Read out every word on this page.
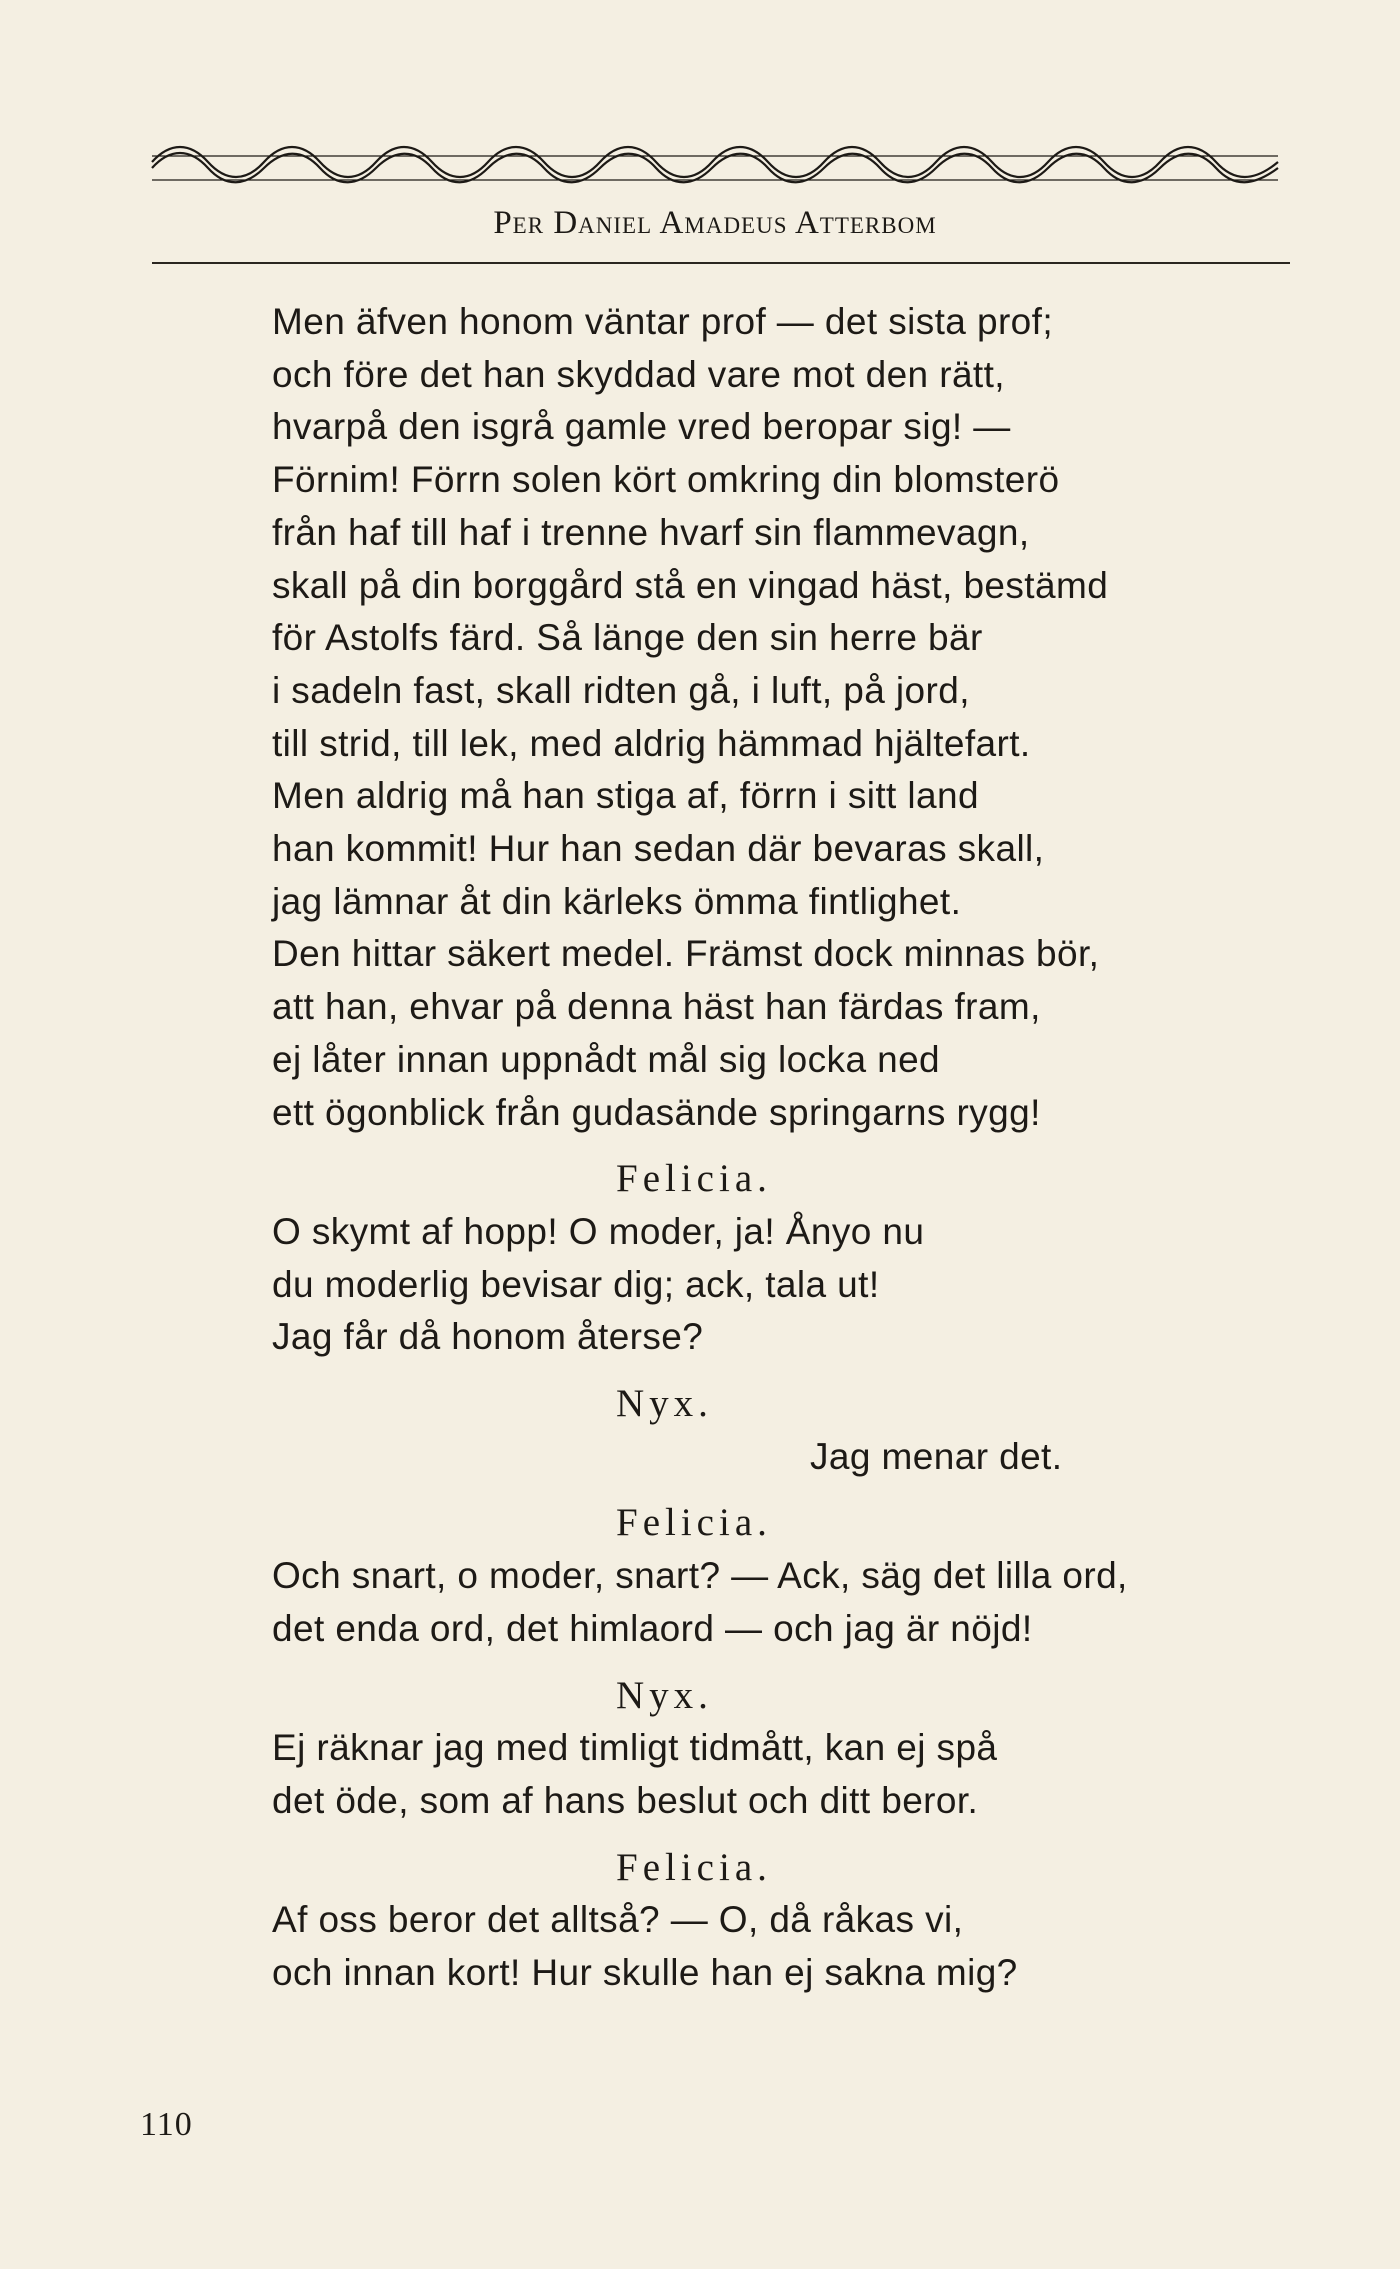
Per Daniel Amadeus Atterbom
Men äfven honom väntar prof — det sista prof;
och före det han skyddad vare mot den rätt,
hvarpå den isgrå gamle vred beropar sig! —
Förnim! Förrn solen kört omkring din blomsterö
från haf till haf i trenne hvarf sin flammevagn,
skall på din borggård stå en vingad häst, bestämd
för Astolfs färd. Så länge den sin herre bär
i sadeln fast, skall ridten gå, i luft, på jord,
till strid, till lek, med aldrig hämmad hjältefart.
Men aldrig må han stiga af, förrn i sitt land
han kommit! Hur han sedan där bevaras skall,
jag lämnar åt din kärleks ömma fintlighet.
Den hittar säkert medel. Främst dock minnas bör,
att han, ehvar på denna häst han färdas fram,
ej låter innan uppnådt mål sig locka ned
ett ögonblick från gudasände springarns rygg!
Felicia.
O skymt af hopp! O moder, ja! Ånyo nu
du moderlig bevisar dig; ack, tala ut!
Jag får då honom återse?
Nyx.
Jag menar det.
Felicia.
Och snart, o moder, snart? — Ack, säg det lilla ord,
det enda ord, det himlaord — och jag är nöjd!
Nyx.
Ej räknar jag med timligt tidmått, kan ej spå
det öde, som af hans beslut och ditt beror.
Felicia.
Af oss beror det alltså? — O, då råkas vi,
och innan kort! Hur skulle han ej sakna mig?
110
